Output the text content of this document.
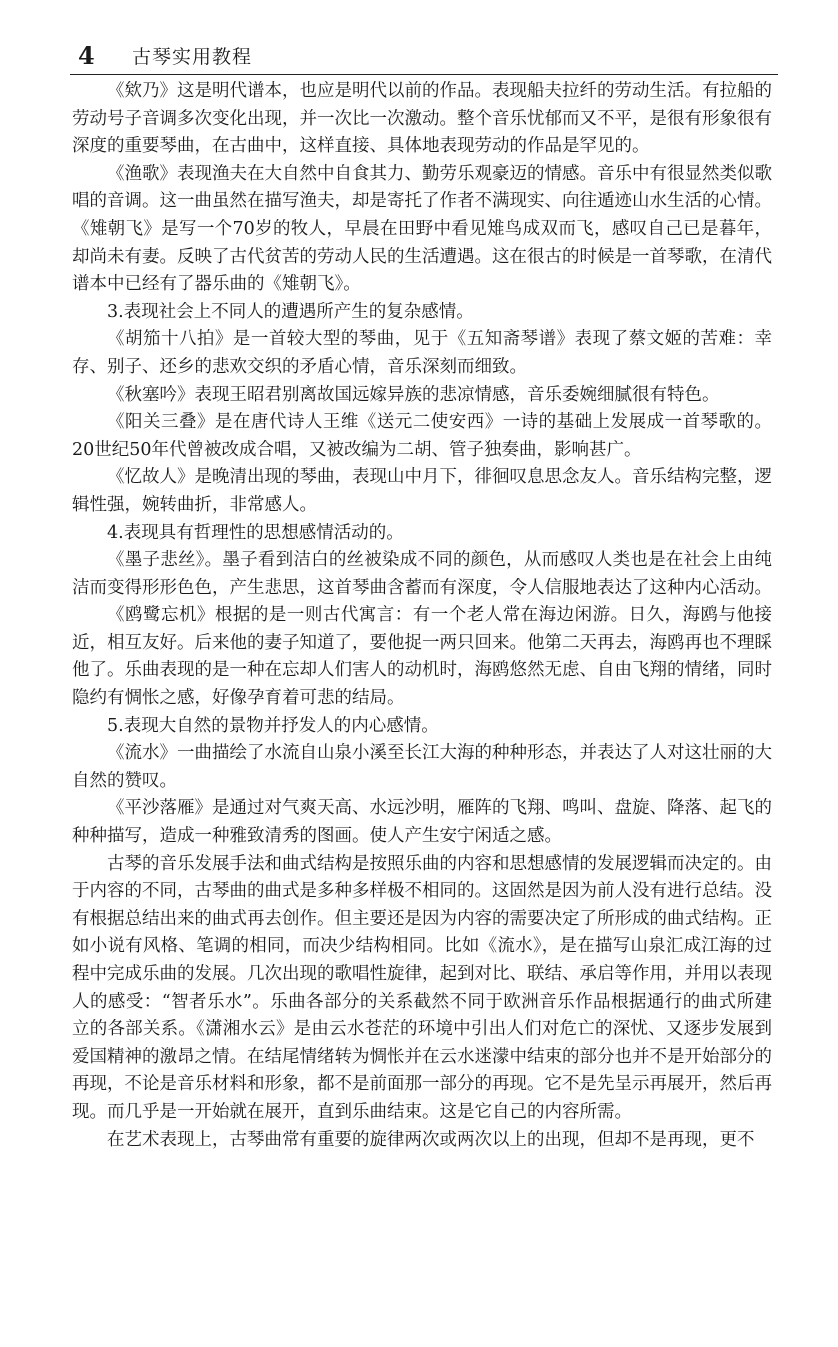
4 古琴实用教程

《欸乃》这是明代谱本，也应是明代以前的作品。表现船夫拉纤的劳动生活。有拉船的劳动号子音调多次变化出现，并一次比一次激动。整个音乐忧郁而又不平，是很有形象很有深度的重要琴曲，在古曲中，这样直接、具体地表现劳动的作品是罕见的。

《渔歌》表现渔夫在大自然中自食其力、勤劳乐观豪迈的情感。音乐中有很显然类似歌唱的音调。这一曲虽然在描写渔夫，却是寄托了作者不满现实、向往遁迹山水生活的心情。《雉朝飞》是写一个70岁的牧人，早晨在田野中看见雉鸟成双而飞，感叹自己已是暮年，却尚未有妻。反映了古代贫苦的劳动人民的生活遭遇。这在很古的时候是一首琴歌，在清代谱本中已经有了器乐曲的《雉朝飞》。

3.表现社会上不同人的遭遇所产生的复杂感情。

《胡笳十八拍》是一首较大型的琴曲，见于《五知斋琴谱》表现了蔡文姬的苦难：幸存、别子、还乡的悲欢交织的矛盾心情，音乐深刻而细致。

《秋塞吟》表现王昭君别离故国远嫁异族的悲凉情感，音乐委婉细腻很有特色。

《阳关三叠》是在唐代诗人王维《送元二使安西》一诗的基础上发展成一首琴歌的。20世纪50年代曾被改成合唱，又被改编为二胡、管子独奏曲，影响甚广。

《忆故人》是晚清出现的琴曲，表现山中月下，徘徊叹息思念友人。音乐结构完整，逻辑性强，婉转曲折，非常感人。

4.表现具有哲理性的思想感情活动的。

《墨子悲丝》。墨子看到洁白的丝被染成不同的颜色，从而感叹人类也是在社会上由纯洁而变得形形色色，产生悲思，这首琴曲含蓄而有深度，令人信服地表达了这种内心活动。

《鸥鹭忘机》根据的是一则古代寓言：有一个老人常在海边闲游。日久，海鸥与他接近，相互友好。后来他的妻子知道了，要他捉一两只回来。他第二天再去，海鸥再也不理睬他了。乐曲表现的是一种在忘却人们害人的动机时，海鸥悠然无虑、自由飞翔的情绪，同时隐约有惆怅之感，好像孕育着可悲的结局。

5.表现大自然的景物并抒发人的内心感情。

《流水》一曲描绘了水流自山泉小溪至长江大海的种种形态，并表达了人对这壮丽的大自然的赞叹。

《平沙落雁》是通过对气爽天高、水远沙明，雁阵的飞翔、鸣叫、盘旋、降落、起飞的种种描写，造成一种雅致清秀的图画。使人产生安宁闲适之感。

古琴的音乐发展手法和曲式结构是按照乐曲的内容和思想感情的发展逻辑而决定的。由于内容的不同，古琴曲的曲式是多种多样极不相同的。这固然是因为前人没有进行总结。没有根据总结出来的曲式再去创作。但主要还是因为内容的需要决定了所形成的曲式结构。正如小说有风格、笔调的相同，而决少结构相同。比如《流水》，是在描写山泉汇成江海的过程中完成乐曲的发展。几次出现的歌唱性旋律，起到对比、联结、承启等作用，并用以表现人的感受：“智者乐水”。乐曲各部分的关系截然不同于欧洲音乐作品根据通行的曲式所建立的各部关系。《潇湘水云》是由云水苍茫的环境中引出人们对危亡的深忧、又逐步发展到爱国精神的激昂之情。在结尾情绪转为惆怅并在云水迷濛中结束的部分也并不是开始部分的再现，不论是音乐材料和形象，都不是前面那一部分的再现。它不是先呈示再展开，然后再现。而几乎是一开始就在展开，直到乐曲结束。这是它自己的内容所需。

在艺术表现上，古琴曲常有重要的旋律两次或两次以上的出现，但却不是再现，更不
